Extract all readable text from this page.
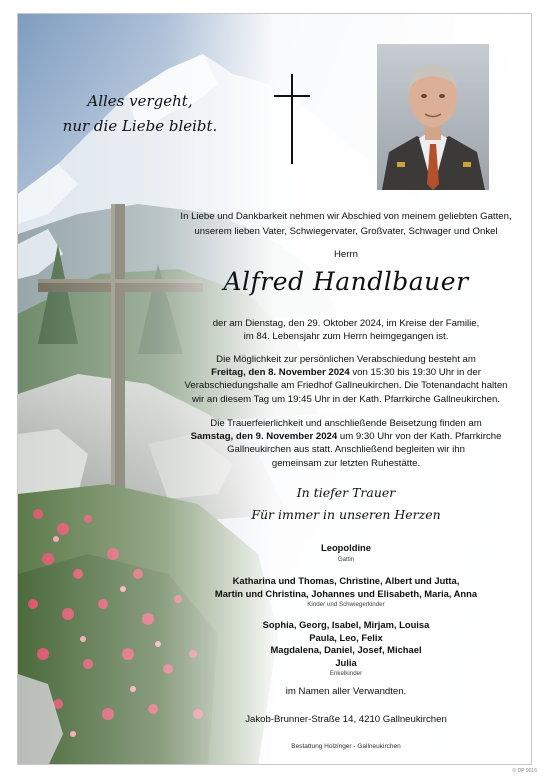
Alles vergeht,
nur die Liebe bleibt.
In Liebe und Dankbarkeit nehmen wir Abschied von meinem geliebten Gatten,
unserem lieben Vater, Schwiegervater, Großvater, Schwager und Onkel
Herrn
Alfred Handlbauer
der am Dienstag, den 29. Oktober 2024, im Kreise der Familie,
im 84. Lebensjahr zum Herrn heimgegangen ist.
Die Möglichkeit zur persönlichen Verabschiedung besteht am
Freitag, den 8. November 2024 von 15:30 bis 19:30 Uhr in der
Verabschiedungshalle am Friedhof Gallneukirchen. Die Totenandacht halten
wir an diesem Tag um 19:45 Uhr in der Kath. Pfarrkirche Gallneukirchen.
Die Trauerfeierlichkeit und anschließende Beisetzung finden am
Samstag, den 9. November 2024 um 9:30 Uhr von der Kath. Pfarrkirche
Gallneukirchen aus statt. Anschließend begleiten wir ihn
gemeinsam zur letzten Ruhestätte.
In tiefer Trauer
Für immer in unseren Herzen
Leopoldine
Gattin
Katharina und Thomas, Christine, Albert und Jutta,
Martin und Christina, Johannes und Elisabeth, Maria, Anna
Kinder und Schwiegerkinder
Sophia, Georg, Isabel, Mirjam, Louisa
Paula, Leo, Felix
Magdalena, Daniel, Josef, Michael
Julia
Enkelkinder
im Namen aller Verwandten.
Jakob-Brunner-Straße 14, 4210 Gallneukirchen
Bestattung Holzinger - Gallneukirchen
© DP 9016
